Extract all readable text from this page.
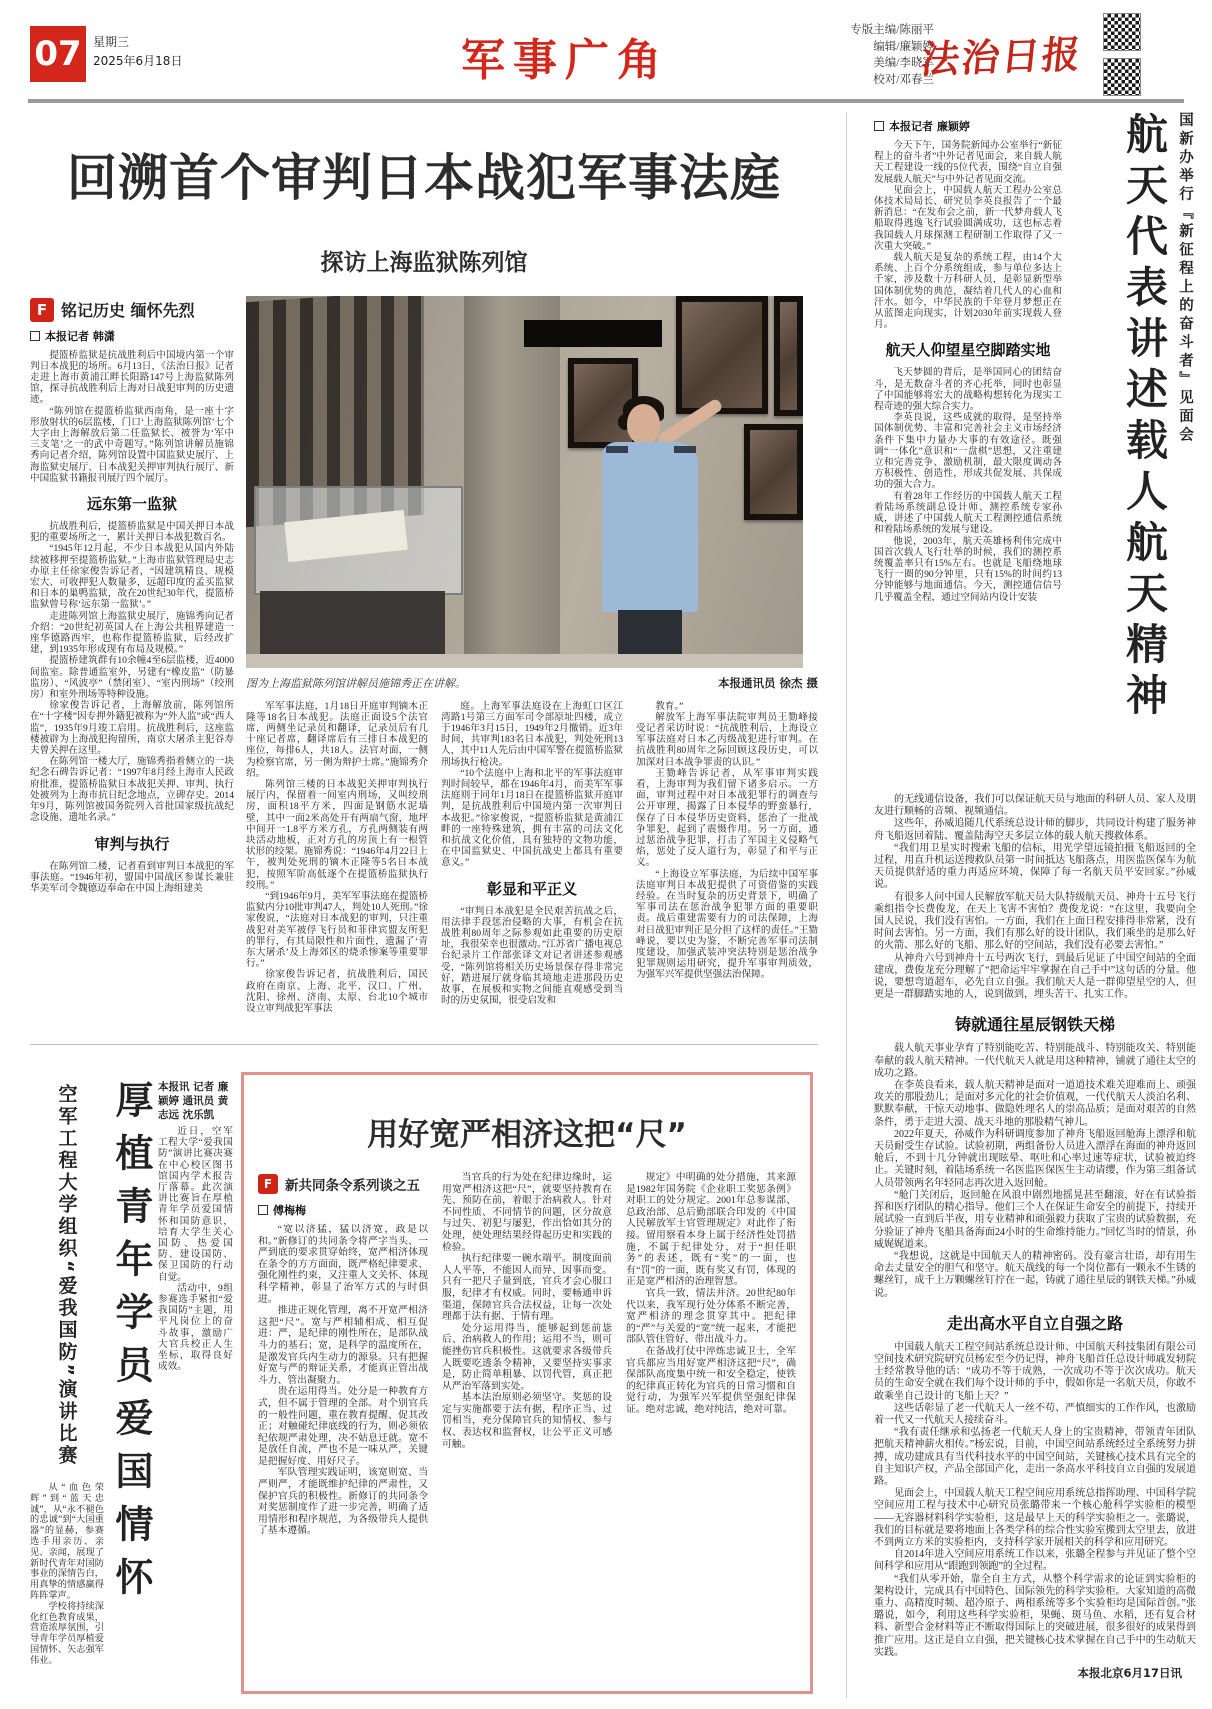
07 星期三
2025年6月18日	军事广角
专版主编/陈丽平
编辑/廉颖婷
美编/李晓军
校对/邓春兰
法治日报

回溯首个审判日本战犯军事法庭
探访上海监狱陈列馆
F 铭记历史 缅怀先烈
本报记者 韩潇

提篮桥监狱是抗战胜利后中国境内第一个审判日本战犯的场所。6月13日，《法治日报》记者走进上海市黄浦江畔长阳路147号上海监狱陈列馆，探寻抗战胜利后上海对日战犯审判的历史遗迹。

“陈列馆在提篮桥监狱西南角，是一座十字形放射状的6层监楼，门口‘上海监狱陈列馆’七个大字由上海解放后第二任监狱长、被誉为‘军中三支笔’之一的武中奇题写。”陈列馆讲解员施锦秀向记者介绍，陈列馆设置中国监狱史展厅、上海监狱史展厅、日本战犯关押审判执行展厅、新中国监狱书籍报刊展厅四个展厅。

远东第一监狱

抗战胜利后，提篮桥监狱是中国关押日本战犯的重要场所之一，累计关押日本战犯数百名。

“1945年12月起，不少日本战犯从国内外陆续被移押至提篮桥监狱。”上海市监狱管理局史志办原主任徐家俊告诉记者，“因建筑精良、规模宏大、可收押犯人数量多，远超印度的孟买监狱和日本的巢鸭监狱，故在20世纪30年代，提篮桥监狱曾号称‘远东第一监狱’。”

走进陈列馆上海监狱史展厅，施锦秀向记者介绍：“20世纪初英国人在上海公共租界建造一座华德路西牢，也称作提篮桥监狱，后经改扩建，到1935年形成现有布局及规模。”

提篮桥建筑群有10余幢4至6层监楼，近4000间监室。除普通监室外，另建有“橡皮监”（防暴监房）、“风波亭”（禁闭室）、“室内刑场”（绞刑房）和室外刑场等特种设施。

徐家俊告诉记者，上海解放前，陈列馆所在“十字楼”因专押外籍犯被称为“外人监”或“西人监”，1935年9月竣工启用。抗战胜利后，这座监楼被辟为上海战犯拘留所，南京大屠杀主犯谷寿夫曾关押在这里。

在陈列馆一楼大厅，施锦秀指着侧立的一块纪念石碑告诉记者：“1997年8月经上海市人民政府批准，提篮桥监狱日本战犯关押、审判、执行处被列为上海市抗日纪念地点，立碑存史。2014年9月，陈列馆被国务院列入首批国家级抗战纪念设施、遗址名录。”

审判与执行

在陈列馆二楼，记者看到审判日本战犯的军事法庭。“1946年初，盟国中国战区参谋长兼驻华美军司令魏德迈奉命在中国上海组建美

图为上海监狱陈列馆讲解员施锦秀正在讲解。	本报通讯员 徐杰 摄

军军事法庭，1月18日开庭审判镝木正隆等18名日本战犯。法庭正面设5个法官席，两侧坐记录员和翻译，记录员后有几十座记者席，翻译席后有三排日本战犯的座位，每排6人，共18人。法官对面，一侧为检察官席，另一侧为辩护士席。”施锦秀介绍。

陈列馆三楼的日本战犯关押审判执行展厅内，保留着一间室内刑场，又叫绞刑房，面积18平方米，四面是钢筋水泥墙壁，其中一面2米高处开有两扇气窗，地坪中间开一1.8平方米方孔，方孔两侧装有两块活动地板，正对方孔的房顶上有一根管状形的绞架。施锦秀说：“1946年4月22日上午，被判处死刑的镝木正隆等5名日本战犯，按照军阶高低逐个在提篮桥监狱执行绞刑。”

“到1946年9月，美军军事法庭在提篮桥监狱内分10批审判47人，判处10人死刑。”徐家俊说，“法庭对日本战犯的审判，只注重战犯对美军被俘飞行员和菲律宾盟友所犯的罪行，有其局限性和片面性，遗漏了‘青东大屠杀’及上海郊区的烧杀惨案等重要罪行。”

徐家俊告诉记者，抗战胜利后，国民政府在南京、上海、北平、汉口、广州、沈阳、徐州、济南、太原、台北10个城市设立审判战犯军事法

庭。上海军事法庭设在上海虹口区江湾路1号第三方面军司令部原址四楼，成立于1946年3月15日，1949年2月撤销。近3年时间，共审判183名日本战犯，判处死刑13人，其中11人先后由中国军警在提篮桥监狱刑场执行枪决。

“10个法庭中上海和北平的军事法庭审判时间较早，都在1946年4月，而美军军事法庭则于同年1月18日在提篮桥监狱开庭审判，是抗战胜利后中国境内第一次审判日本战犯。”徐家俊说，“提篮桥监狱是黄浦江畔的一座特殊建筑，拥有丰富的司法文化和抗战文化价值，具有独特的文物功能，在中国监狱史、中国抗战史上都具有重要意义。”

彰显和平正义

“审判日本战犯是全民艰苦抗战之后，用法律手段惩治侵略的大事，有机会在抗战胜利80周年之际参观如此重要的历史原址，我很荣幸也很激动。”江苏省广播电视总台纪录片工作部张译文对记者讲述参观感受，“陈列馆将相关历史场景保存得非常完好，踏进展厅就身临其境地走进那段历史故事，在展板和实物之间能直观感受到当时的历史氛围，很受启发和

教育。”

解放军上海军事法院审判员王勠峰接受记者采访时说：“抗战胜利后，上海设立军事法庭对日本乙丙级战犯进行审判。在抗战胜利80周年之际回顾这段历史，可以加深对日本战争罪责的认识。”

王勠峰告诉记者，从军事审判实践看，上海审判为我们留下诸多启示。一方面，审判过程中对日本战犯罪行的调查与公开审理，揭露了日本侵华的野蛮暴行，保存了日本侵华历史资料，惩治了一批战争罪犯，起到了震慑作用。另一方面，通过惩治战争犯罪，打击了军国主义侵略气焰，惩处了反人道行为，彰显了和平与正义。

“上海设立军事法庭，为后续中国军事法庭审判日本战犯提供了可资借鉴的实践经验。在当时复杂的历史背景下，明确了军事司法在惩治战争犯罪方面的重要职责。战后重建需要有力的司法保障，上海对日战犯审判正是分担了这样的责任。”王勠峰说，要以史为鉴，不断完善军事司法制度建设，加强武装冲突法特别是惩治战争犯罪规则运用研究，提升军事审判质效，为强军兴军提供坚强法治保障。

本报记者 廉颖婷

今天下午，国务院新闻办公室举行“新征程上的奋斗者”中外记者见面会，来自载人航天工程建设一线的5位代表，围绕“自立自强发展载人航天”与中外记者见面交流。

见面会上，中国载人航天工程办公室总体技术局局长、研究员李英良报告了一个最新消息：“在发布会之前，新一代梦舟载人飞船取得逃逸飞行试验圆满成功，这也标志着我国载人月球探测工程研制工作取得了又一次重大突破。”

载人航天是复杂的系统工程，由14个大系统、上百个分系统组成，参与单位多达上千家，涉及数十万科研人员，是彰显新型举国体制优势的典范，凝结着几代人的心血和汗水。如今，中华民族的千年登月梦想正在从蓝图走向现实，计划2030年前实现载人登月。

航天人仰望星空脚踏实地

飞天梦圆的背后，是举国同心的团结奋斗，是无数奋斗者的齐心托举，同时也彰显了中国能够将宏大的战略构想转化为现实工程奇迹的强大综合实力。

李英良说，这些成就的取得，是坚持举国体制优势、丰富和完善社会主义市场经济条件下集中力量办大事的有效途径。既强调“一体化”意识和“一盘棋”思想，又注重建立和完善竞争、激励机制，最大限度调动各方积极性、创造性，形成共促发展、共保成功的强大合力。

有着28年工作经历的中国载人航天工程着陆场系统副总设计师、测控系统专家孙威，讲述了中国载人航天工程测控通信系统和着陆场系统的发展与建设。

他说，2003年，航天英雄杨利伟完成中国首次载人飞行壮举的时候，我们的测控系统覆盖率只有15%左右。也就是飞船绕地球飞行一圈的90分钟里，只有15%的时间约13分钟能够与地面通信。今天，测控通信信号几乎覆盖全程，通过空间站内设计安装	航天代表讲述载人航天精神 国新办举行『新征程上的奋斗者』见面会

的无线通信设备，我们可以保证航天员与地面的科研人员、家人及朋友进行顺畅的音频、视频通信。

这些年，孙威追随几代系统总设计师的脚步，共同设计构建了服务神舟飞船返回着陆、覆盖陆海空天多层立体的载人航天搜救体系。

“我们用卫星实时搜索飞船的信标，用光学望远镜拍摄飞船返回的全过程，用直升机运送搜救队员第一时间抵达飞船落点，用医监医保车为航天员提供舒适的重力再适应环境，保障了每一名航天员平安回家。”孙威说。

有很多人问中国人民解放军航天员大队特级航天员、神舟十五号飞行乘组指令长费俊龙，在天上飞害不害怕？费俊龙说：“在这里，我要向全国人民说，我们没有害怕。一方面，我们在上面日程安排得非常紧，没有时间去害怕。另一方面，我们有那么好的设计团队，我们乘坐的是那么好的火箭、那么好的飞船、那么好的空间站，我们没有必要去害怕。”

从神舟六号到神舟十五号两次飞行，到最后见证了中国空间站的全面建成，费俊龙充分理解了“把命运牢牢掌握在自己手中”这句话的分量。他说，要想弯道超车，必先自立自强。我们航天人是一群仰望星空的人，但更是一群脚踏实地的人，说到做到，埋头苦干、扎实工作。

铸就通往星辰钢铁天梯

载人航天事业孕育了特别能吃苦、特别能战斗、特别能攻关、特别能奉献的载人航天精神。一代代航天人就是用这种精神，铺就了通往太空的成功之路。

在李英良看来，载人航天精神是面对一道道技术难关迎难而上、顽强攻关的那股劲儿；是面对多元化的社会价值观，一代代航天人淡泊名利、默默奉献，干惊天动地事、做隐姓埋名人的崇高品质；是面对艰苦的自然条件，勇于走进大漠、战天斗地的那股精气神儿。

2022年夏天，孙威作为科研调度参加了神舟飞船返回舱海上漂浮和航天员耐受生存试验。试验初期，两组备份人员进入漂浮在海面的神舟返回舱后，不到十几分钟就出现眩晕、呕吐和心率过速等症状，试验被迫终止。关键时刻，着陆场系统一名医监医保医生主动请缨，作为第三组备试人员带领两名年轻同志再次进入返回舱。

“舱门关闭后，返回舱在风浪中剧烈地摇晃甚至翻滚，好在有试验指挥和医疗团队的精心指导。他们三个人在保证生命安全的前提下，持续开展试验一直到后半夜，用专业精神和顽强毅力获取了宝贵的试验数据，充分验证了神舟飞船具备海面24小时的生命维持能力。”回忆当时的情景，孙威娓娓道来。

“我想说，这就是中国航天人的精神密码。没有豪言壮语，却有用生命去丈量安全的胆气和坚守。航天战线的每一个岗位都有一颗永不生锈的螺丝钉，成千上万颗螺丝钉拧在一起，铸就了通往星辰的钢铁天梯。”孙威说。

走出高水平自立自强之路

中国载人航天工程空间站系统总设计师、中国航天科技集团有限公司空间技术研究院研究员杨宏至今仍记得，神舟飞船首任总设计师戚发轫院士经常教导他的话：“成功不等于成熟，一次成功不等于次次成功。航天员的生命安全就在我们每个设计师的手中，假如你是一名航天员，你敢不敢乘坐自己设计的飞船上天？”

这些话彰显了老一代航天人一丝不苟、严慎细实的工作作风，也激励着一代又一代航天人接续奋斗。

“我有责任继承和弘扬老一代航天人身上的宝贵精神，带领青年团队把航天精神薪火相传。”杨宏说，目前，中国空间站系统经过全系统努力拼搏，成功建成具有当代科技水平的中国空间站，关键核心技术具有完全的自主知识产权，产品全部国产化，走出一条高水平科技自立自强的发展道路。

见面会上，中国载人航天工程空间应用系统总指挥助理、中国科学院空间应用工程与技术中心研究员张璐带来一个核心舱科学实验柜的模型——无容器材料科学实验柜，这是最早上天的科学实验柜之一。张璐说，我们的目标就是要将地面上各类学科的综合性实验室搬到太空里去，放进不到两立方米的实验柜内，支持科学家开展相关的科学和应用研究。

自2014年进入空间应用系统工作以来，张璐全程参与并见证了整个空间科学和应用从“跟跑到领跑”的全过程。

“我们从零开始，靠全自主方式，从整个科学需求的论证到实验柜的架构设计，完成具有中国特色、国际领先的科学实验柜。大家知道的高微重力、高精度时频、超冷原子、两相系统等多个实验柜均是国际首创。”张璐说，如今，利用这些科学实验柜，果蝇、斑马鱼、水稻，还有复合材料、新型合金材料等正不断取得国际上的突破进展，很多很好的成果得到推广应用。这正是自立自强，把关键核心技术掌握在自己手中的生动航天实践。

本报北京6月17日讯
空军工程大学组织“爱我国防”演讲比赛

从“血色荣辉”到“蓝天忠诚”，从“永不褪色的忠诚”到“大国重器”的显赫，参赛选手用亲历、亲见、亲闻，展现了新时代青年对国防事业的深情告白，用真挚的情感赢得阵阵掌声。

学校将持续深化红色教育成果，营造浓厚氛围，引导青年学员厚植爱国情怀、矢志强军伟业。

厚植青年学员爱国情怀 本报讯 记者 廉颖婷 通讯员 黄志远 沈乐凯

近日，空军工程大学“爱我国防”演讲比赛决赛在中心校区图书馆国内学术报告厅落幕。此次演讲比赛旨在厚植青年学员爱国情怀和国防意识，培育大学生关心国防、热爱国防、建设国防、保卫国防的行动自觉。

活动中，9组参赛选手紧扣“爱我国防”主题，用平凡岗位上的奋斗故事，激励广大官兵校正人生坐标，取得良好成效。

用好宽严相济这把“尺”
F 新共同条令系列谈之五
傅梅梅

“宽以济猛，猛以济宽，政是以和。”新修订的共同条令将严字当头、一严到底的要求贯穿始终，宽严相济体现在条令的方方面面，既严格纪律要求、强化刚性约束，又注重人文关怀、体现科学精神，彰显了治军方式的与时俱进。

推进正规化管理，离不开宽严相济这把“尺”。宽与严相辅相成、相互促进：严，是纪律的刚性所在，是部队战斗力的基石；宽，是科学的温度所在，是激发官兵内生动力的源泉。只有把握好宽与严的辩证关系，才能真正管出战斗力、管出凝聚力。

贵在运用得当。处分是一种教育方式，但不属于管理的全部。对个别官兵的一般性问题，重在教育提醒、促其改正；对触碰纪律底线的行为，则必须依纪依规严肃处理，决不姑息迁就。宽不是放任自流，严也不是一味从严，关键是把握好度、用好尺子。

军队管理实践证明，该宽则宽、当严则严，才能既维护纪律的严肃性，又保护官兵的积极性。新修订的共同条令对奖惩制度作了进一步完善，明确了适用情形和程序规范，为各级带兵人提供了基本遵循。

当官兵的行为处在纪律边缘时，运用宽严相济这把“尺”，就要坚持教育在先、预防在前，着眼于治病救人。针对不同性质、不同情节的问题，区分故意与过失、初犯与屡犯，作出恰如其分的处理，使处理结果经得起历史和实践的检验。

执行纪律要一碗水端平。制度面前人人平等，不能因人而异、因事而变。只有一把尺子量到底，官兵才会心服口服，纪律才有权威。同时，要畅通申诉渠道，保障官兵合法权益，让每一次处理都于法有据、于情有理。

处分运用得当，能够起到惩前毖后、治病救人的作用；运用不当，则可能挫伤官兵积极性。这就要求各级带兵人既要吃透条令精神，又要坚持实事求是，防止简单粗暴、以罚代管，真正把从严治军落到实处。

基本法治原则必须坚守。奖惩的设定与实施都要于法有据，程序正当、过罚相当，充分保障官兵的知情权、参与权、表达权和监督权，让公平正义可感可触。

规定》中明确的处分措施，其来源是1982年国务院《企业职工奖惩条例》对职工的处分规定。2001年总参谋部、总政治部、总后勤部联合印发的《中国人民解放军士官管理规定》对此作了衔接。留用察看本身上属于经济性处罚措施，不属于纪律处分，对于“担任职务”的表述，既有“奖”的一面，也有“罚”的一面，既有奖又有罚，体现的正是宽严相济的治理智慧。

官兵一致，情法并济。20世纪80年代以来，我军现行处分体系不断完善，宽严相济的理念贯穿其中。把纪律的“严”与关爱的“宽”统一起来，才能把部队管住管好、带出战斗力。

在备战打仗中淬炼忠诚卫士，全军官兵都应当用好宽严相济这把“尺”，确保部队高度集中统一和安全稳定，使铁的纪律真正转化为官兵的日常习惯和自觉行动，为强军兴军提供坚强纪律保证。绝对忠诚，绝对纯洁，绝对可靠。
